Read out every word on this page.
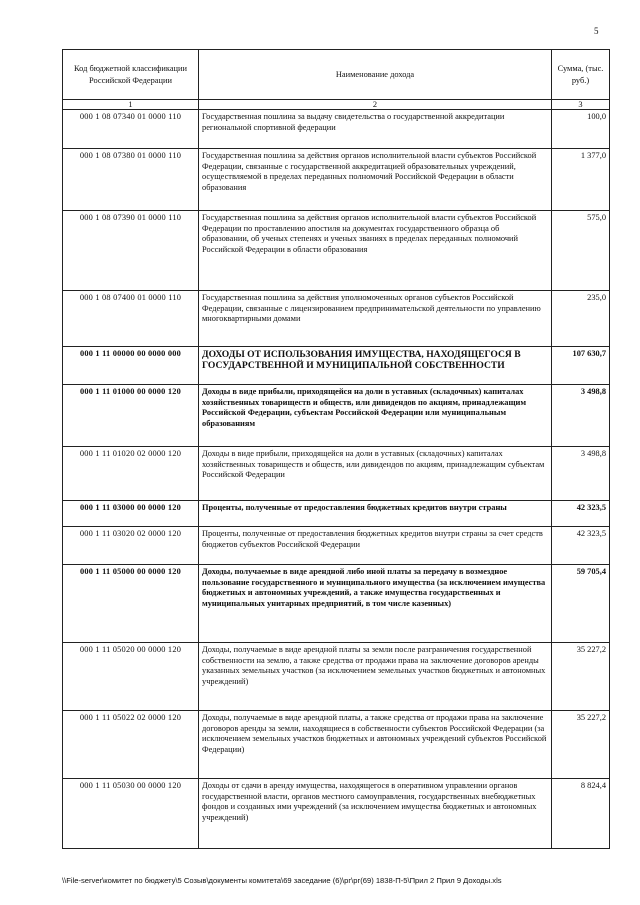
5
Код бюджетной классификации Российской Федерации	Наименование дохода	Сумма, (тыс. руб.)
1	2	3
000 1 08 07340 01 0000 110	Государственная пошлина за выдачу свидетельства о государственной аккредитации региональной спортивной федерации	100,0
000 1 08 07380 01 0000 110	Государственная пошлина за действия органов исполнительной власти субъектов Российской Федерации, связанные с государственной аккредитацией образовательных учреждений, осуществляемой в пределах переданных полномочий Российской Федерации в области образования	1 377,0
000 1 08 07390 01 0000 110	Государственная пошлина за действия органов исполнительной власти субъектов Российской Федерации по проставлению апостиля на документах государственного образца об образовании, об ученых степенях и ученых званиях в пределах переданных полномочий Российской Федерации в области образования	575,0
000 1 08 07400 01 0000 110	Государственная пошлина за действия уполномоченных органов субъектов Российской Федерации, связанные с лицензированием предпринимательской деятельности по управлению многоквартирными домами	235,0
000 1 11 00000 00 0000 000	ДОХОДЫ ОТ ИСПОЛЬЗОВАНИЯ ИМУЩЕСТВА, НАХОДЯЩЕГОСЯ В ГОСУДАРСТВЕННОЙ И МУНИЦИПАЛЬНОЙ СОБСТВЕННОСТИ	107 630,7
000 1 11 01000 00 0000 120	Доходы в виде прибыли, приходящейся на доли в уставных (складочных) капиталах хозяйственных товариществ и обществ, или дивидендов по акциям, принадлежащим Российской Федерации, субъектам Российской Федерации или муниципальным образованиям	3 498,8
000 1 11 01020 02 0000 120	Доходы в виде прибыли, приходящейся на доли в уставных (складочных) капиталах хозяйственных товариществ и обществ, или дивидендов по акциям, принадлежащим субъектам Российской Федерации	3 498,8
000 1 11 03000 00 0000 120	Проценты, полученные от предоставления бюджетных кредитов внутри страны	42 323,5
000 1 11 03020 02 0000 120	Проценты, полученные от предоставления бюджетных кредитов внутри страны за счет средств бюджетов субъектов Российской Федерации	42 323,5
000 1 11 05000 00 0000 120	Доходы, получаемые в виде арендной либо иной платы за передачу в возмездное пользование государственного и муниципального имущества (за исключением имущества бюджетных и автономных учреждений, а также имущества государственных и муниципальных унитарных предприятий, в том числе казенных)	59 705,4
000 1 11 05020 00 0000 120	Доходы, получаемые в виде арендной платы за земли после разграничения государственной собственности на землю, а также средства от продажи права на заключение договоров аренды указанных земельных участков (за исключением земельных участков бюджетных и автономных учреждений)	35 227,2
000 1 11 05022 02 0000 120	Доходы, получаемые в виде арендной платы, а также средства от продажи права на заключение договоров аренды за земли, находящиеся в собственности субъектов Российской Федерации (за исключением земельных участков бюджетных и автономных учреждений субъектов Российской Федерации)	35 227,2
000 1 11 05030 00 0000 120	Доходы от сдачи в аренду имущества, находящегося в оперативном управлении органов государственной власти, органов местного самоуправления, государственных внебюджетных фондов и созданных ими учреждений (за исключением имущества бюджетных и автономных учреждений)	8 824,4
\\File-server\комитет по бюджету\5 Созыв\документы комитета\69 заседание (6)\рг\рг(69) 1838-П-5\Прил 2 Прил 9 Доходы.xls
